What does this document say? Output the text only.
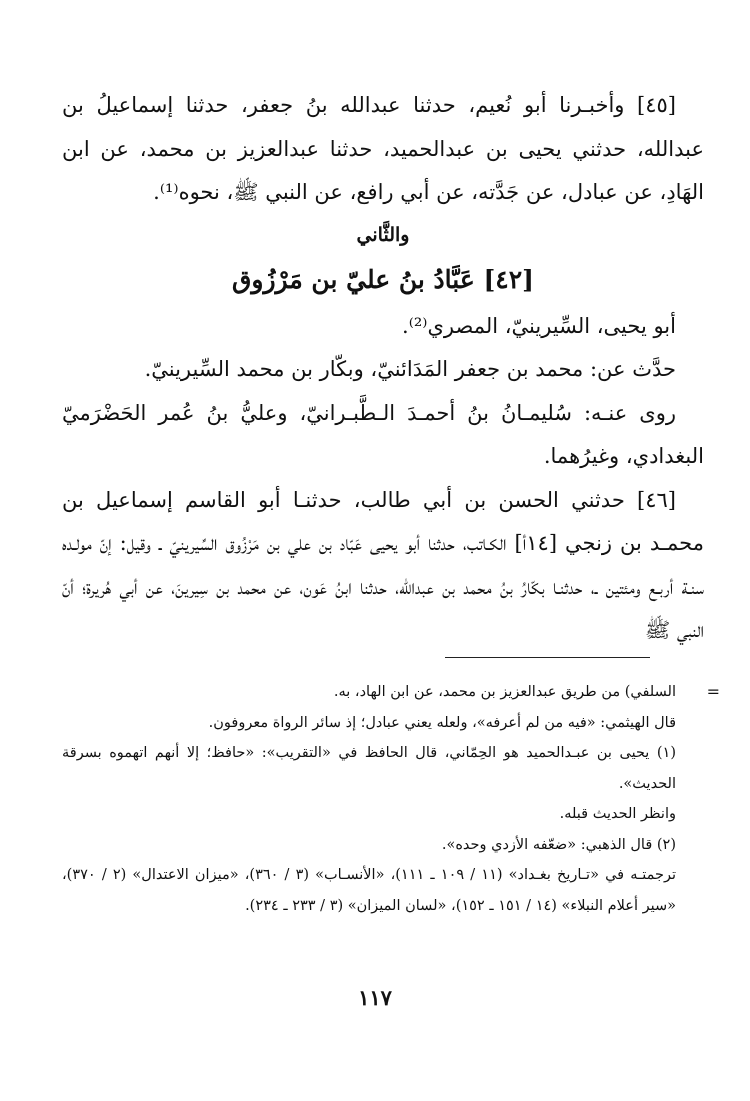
[٤٥] وأخبـرنا أبو نُعيم، حدثنا عبدالله بنُ جعفر، حدثنا إسماعيلُ بن عبدالله، حدثني يحيى بن عبدالحميد، حدثنا عبدالعزيز بن محمد، عن ابن الهَادِ، عن عبادل، عن جَدَّته، عن أبي رافع، عن النبي ﷺ، نحوه⁽¹⁾.

والثَّاني

[٤٢] عَبَّادُ بنُ عليّ بن مَرْزُوق

أبو يحيى، السِّيرينيّ، المصري⁽²⁾.

حدَّث عن: محمد بن جعفر المَدَائنيّ، وبكّار بن محمد السِّيرينيّ.

روى عنـه: سُليمـانُ بنُ أحمـدَ الـطَّبـرانيّ، وعليُّ بنُ عُمر الحَضْرَميّ البغدادي، وغيرُهما.

[٤٦] حدثني الحسن بن أبي طالب، حدثنـا أبو القاسم إسماعيل بن محمـد بن زنجي [١٤أ] الكـاتب، حدثنا أبو يحيى عَبّاد بن علي بن مَرْزُوق السِّيرينيّ ـ وقيل: إنّ مولـده سنـة أربـع ومئتين ـ، حدثنـا بكّارُ بنُ محمد بن عبدالله، حدثنا ابنُ عَون، عن محمد بن سِيرينَ، عن أبي هُريرة؛ أنّ النبي ﷺ

=
السلفي) من طريق عبدالعزيز بن محمد، عن ابن الهاد، به.

قال الهيثمي: «فيه من لم أعرفه»، ولعله يعني عبادل؛ إذ سائر الرواة معروفون.

(١) يحيى بن عبـدالحميد هو الحِمّاني، قال الحافظ في «التقريب»: «حافظ؛ إلا أنهم اتهموه بسرقة الحديث».

وانظر الحديث قبله.

(٢) قال الذهبي: «ضعّفه الأزدي وحده».

ترجمتـه في «تـاريخ بغـداد» (١١ / ١٠٩ ـ ١١١)، «الأنسـاب» (٣ / ٣٦٠)، «ميزان الاعتدال» (٢ / ٣٧٠)، «سير أعلام النبلاء» (١٤ / ١٥١ ـ ١٥٢)، «لسان الميزان» (٣ / ٢٣٣ ـ ٢٣٤).

١١٧
